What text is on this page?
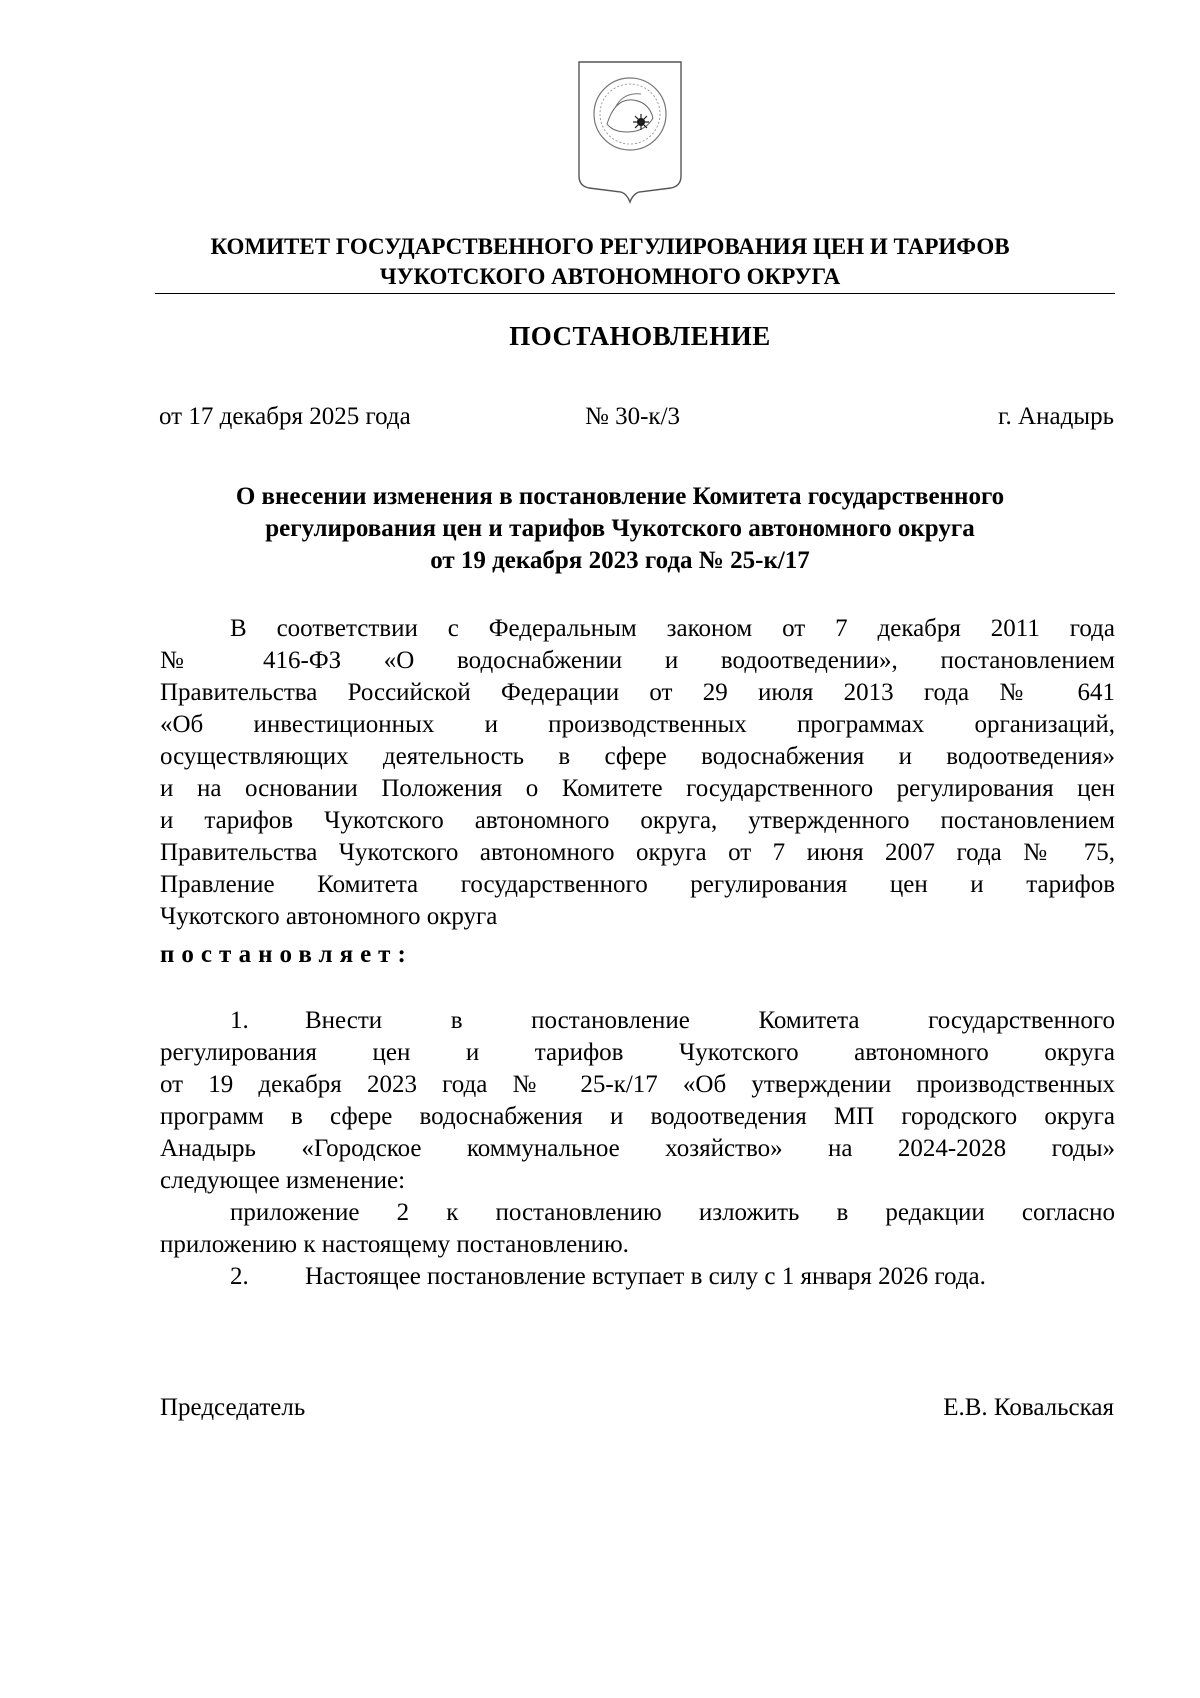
КОМИТЕТ ГОСУДАРСТВЕННОГО РЕГУЛИРОВАНИЯ ЦЕН И ТАРИФОВ
ЧУКОТСКОГО АВТОНОМНОГО ОКРУГА
ПОСТАНОВЛЕНИЕ
от 17 декабря 2025 года	№ 30-к/3	г. Анадырь
О внесении изменения в постановление Комитета государственного
регулирования цен и тарифов Чукотского автономного округа
от 19 декабря 2023 года № 25-к/17

В соответствии с Федеральным законом от 7 декабря 2011 года

№ 416-ФЗ «О водоснабжении и водоотведении», постановлением

Правительства Российской Федерации от 29 июля 2013 года № 641

«Об инвестиционных и производственных программах организаций,

осуществляющих деятельность в сфере водоснабжения и водоотведения»

и на основании Положения о Комитете государственного регулирования цен

и тарифов Чукотского автономного округа, утвержденного постановлением

Правительства Чукотского автономного округа от 7 июня 2007 года № 75,

Правление Комитета государственного регулирования цен и тарифов

Чукотского автономного округа

постановляет:
1.	Внести в постановление Комитета государственного

регулирования цен и тарифов Чукотского автономного округа

от 19 декабря 2023 года № 25-к/17 «Об утверждении производственных

программ в сфере водоснабжения и водоотведения МП городского округа

Анадырь «Городское коммунальное хозяйство» на 2024-2028 годы»

следующее изменение:

приложение 2 к постановлению изложить в редакции согласно

приложению к настоящему постановлению.

2.	Настоящее постановление вступает в силу с 1 января 2026 года.
Председатель	Е.В. Ковальская
